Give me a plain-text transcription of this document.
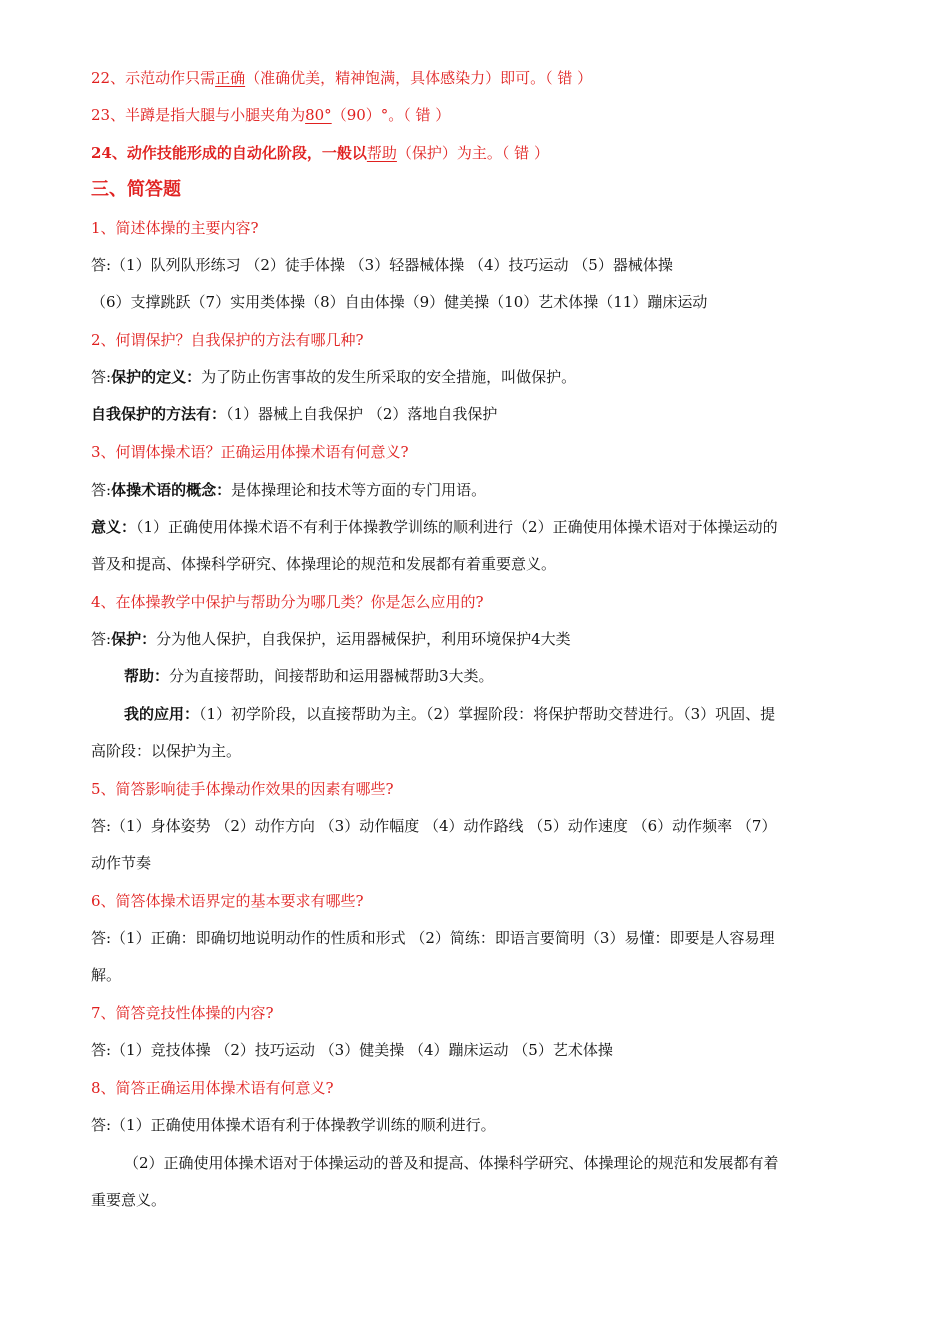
22、示范动作只需正确（准确优美，精神饱满，具体感染力）即可。（ 错 ）
23、半蹲是指大腿与小腿夹角为80°（90）°。（ 错 ）
24、动作技能形成的自动化阶段，一般以帮助（保护）为主。（ 错 ）
三、简答题
1、简述体操的主要内容?
答:（1）队列队形练习 （2）徒手体操 （3）轻器械体操 （4）技巧运动 （5）器械体操
（6）支撑跳跃（7）实用类体操（8）自由体操（9）健美操（10）艺术体操（11）蹦床运动
2、何谓保护？自我保护的方法有哪几种?
答:保护的定义：为了防止伤害事故的发生所采取的安全措施，叫做保护。
自我保护的方法有：（1）器械上自我保护 （2）落地自我保护
3、何谓体操术语？正确运用体操术语有何意义?
答:体操术语的概念：是体操理论和技术等方面的专门用语。
意义：（1）正确使用体操术语不有利于体操教学训练的顺利进行（2）正确使用体操术语对于体操运动的
普及和提高、体操科学研究、体操理论的规范和发展都有着重要意义。
4、在体操教学中保护与帮助分为哪几类？你是怎么应用的?
答:保护：分为他人保护，自我保护，运用器械保护，利用环境保护4大类
帮助：分为直接帮助，间接帮助和运用器械帮助3大类。
我的应用：（1）初学阶段，以直接帮助为主。（2）掌握阶段：将保护帮助交替进行。（3）巩固、提
高阶段：以保护为主。
5、简答影响徒手体操动作效果的因素有哪些?
答:（1）身体姿势 （2）动作方向 （3）动作幅度 （4）动作路线 （5）动作速度 （6）动作频率 （7）
动作节奏
6、简答体操术语界定的基本要求有哪些?
答:（1）正确：即确切地说明动作的性质和形式 （2）简练：即语言要简明（3）易懂：即要是人容易理
解。
7、简答竞技性体操的内容?
答:（1）竞技体操 （2）技巧运动 （3）健美操 （4）蹦床运动 （5）艺术体操
8、简答正确运用体操术语有何意义?
答:（1）正确使用体操术语有利于体操教学训练的顺利进行。
（2）正确使用体操术语对于体操运动的普及和提高、体操科学研究、体操理论的规范和发展都有着
重要意义。
